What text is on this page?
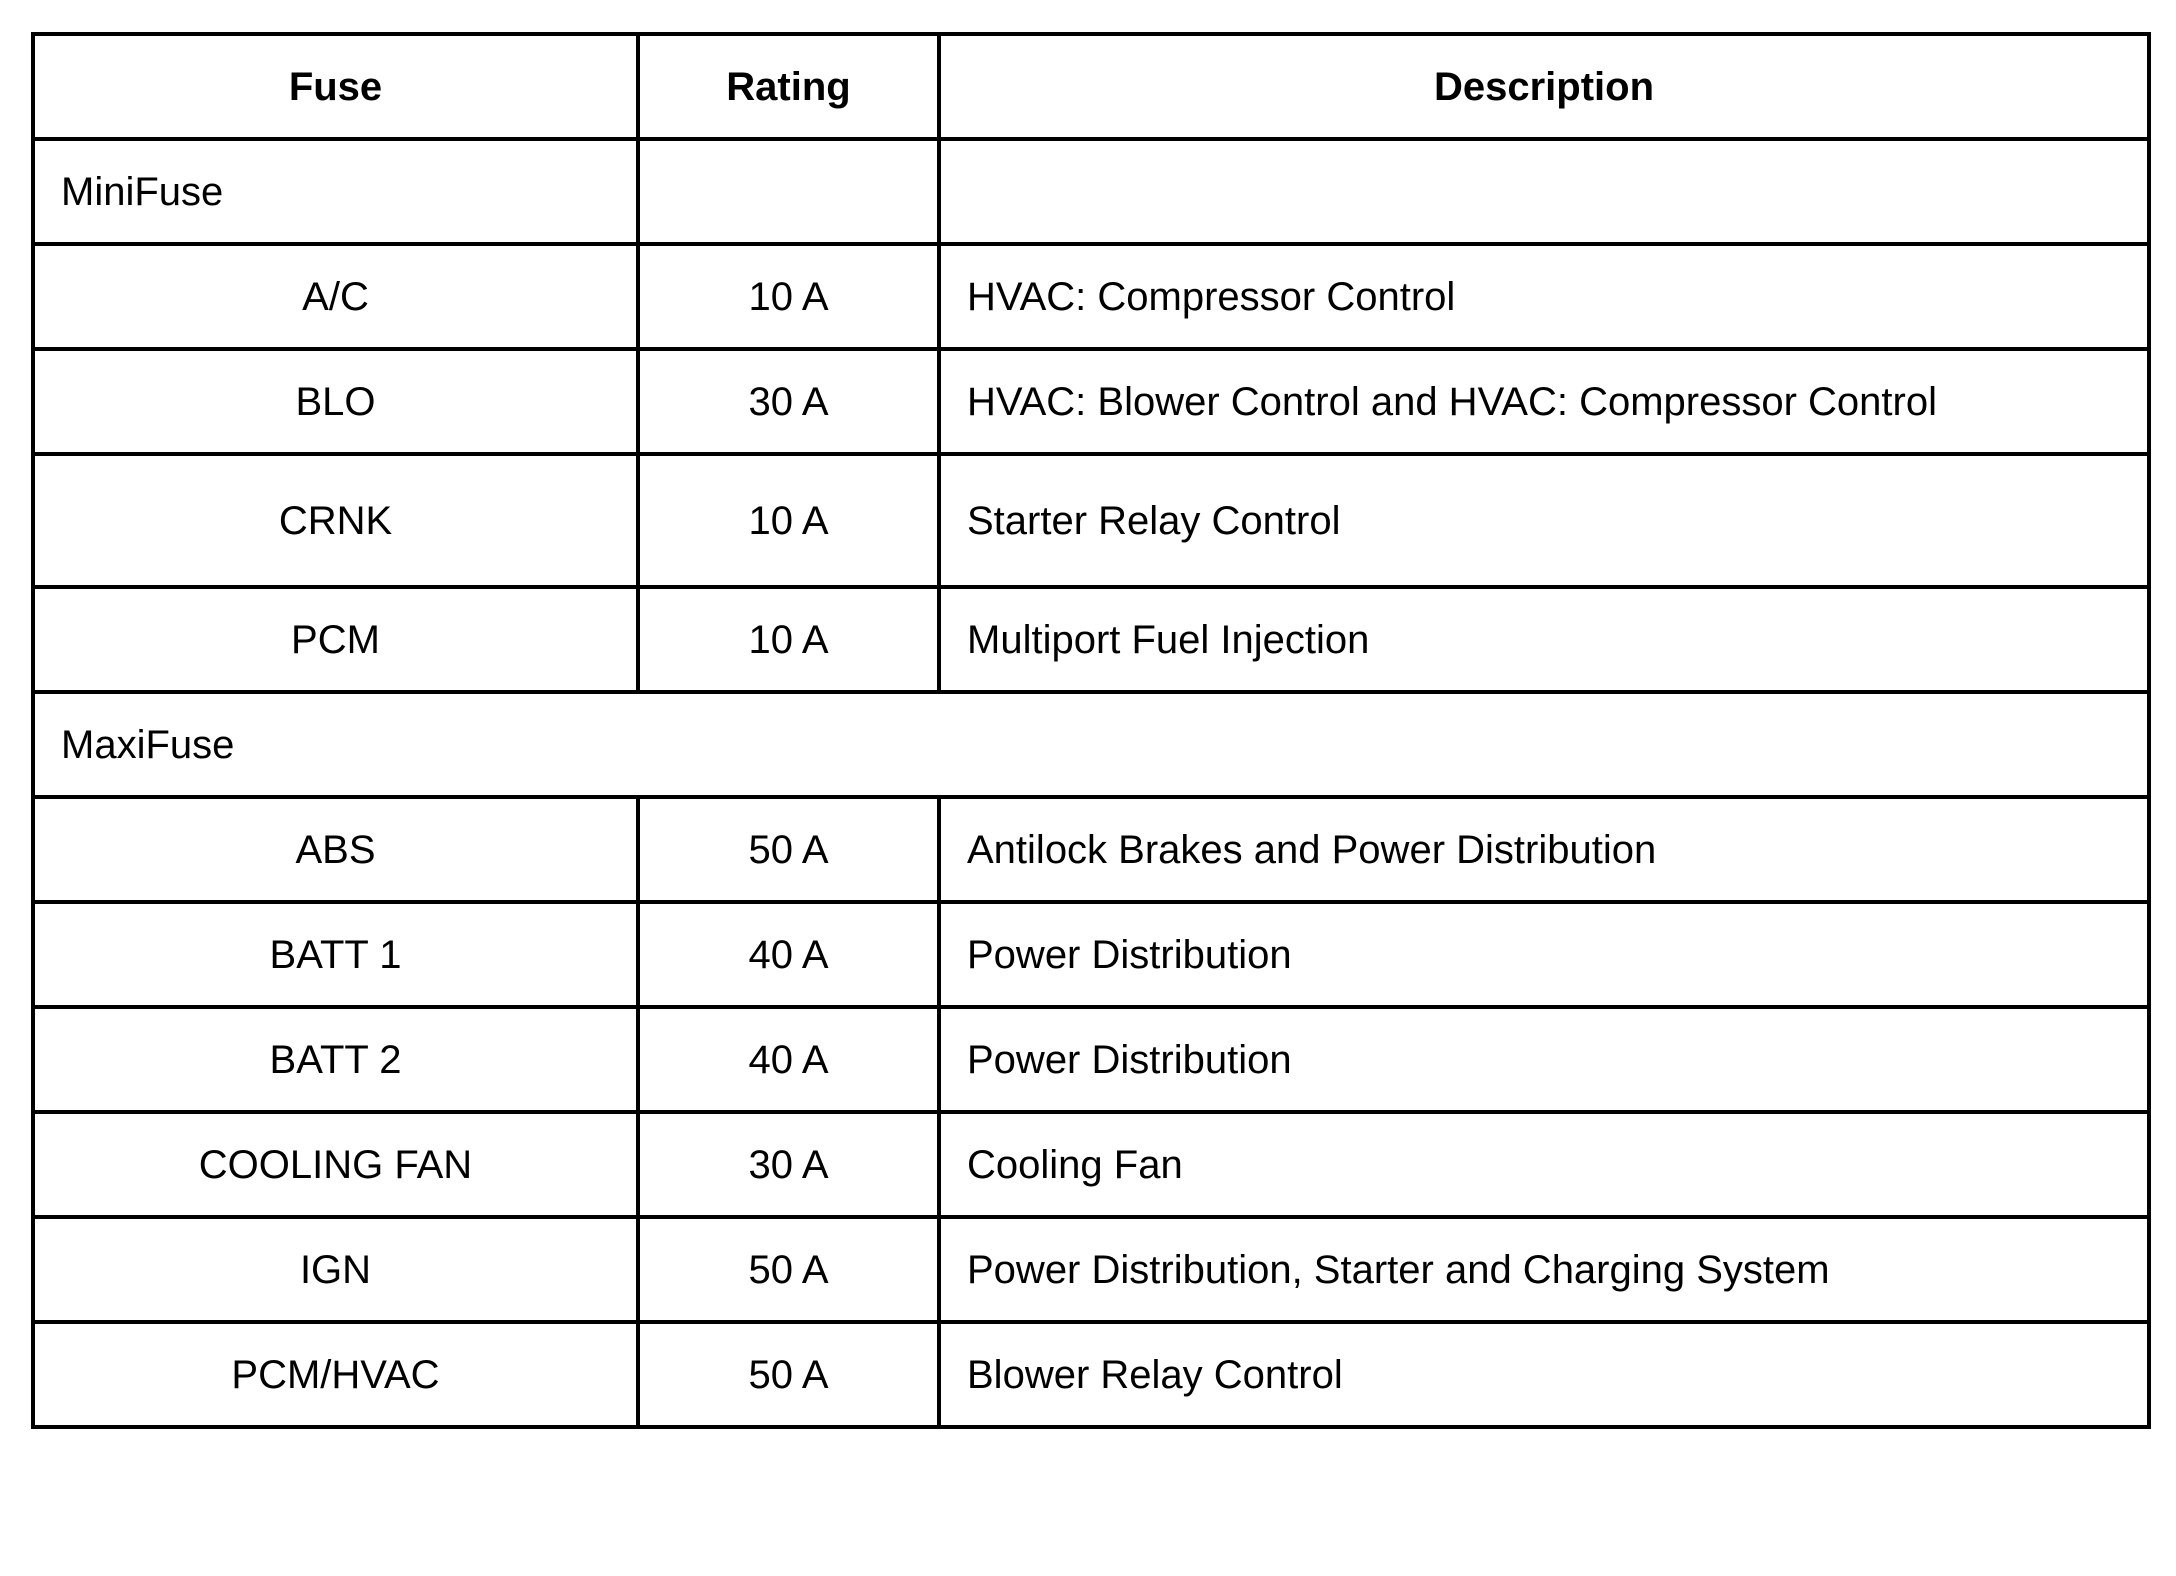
Fuse	Rating	Description
MiniFuse		
A/C	10 A	HVAC: Compressor Control
BLO	30 A	HVAC: Blower Control and HVAC: Compressor Control
CRNK	10 A	Starter Relay Control
PCM	10 A	Multiport Fuel Injection
MaxiFuse		
ABS	50 A	Antilock Brakes and Power Distribution
BATT 1	40 A	Power Distribution
BATT 2	40 A	Power Distribution
COOLING FAN	30 A	Cooling Fan
IGN	50 A	Power Distribution, Starter and Charging System
PCM/HVAC	50 A	Blower Relay Control
